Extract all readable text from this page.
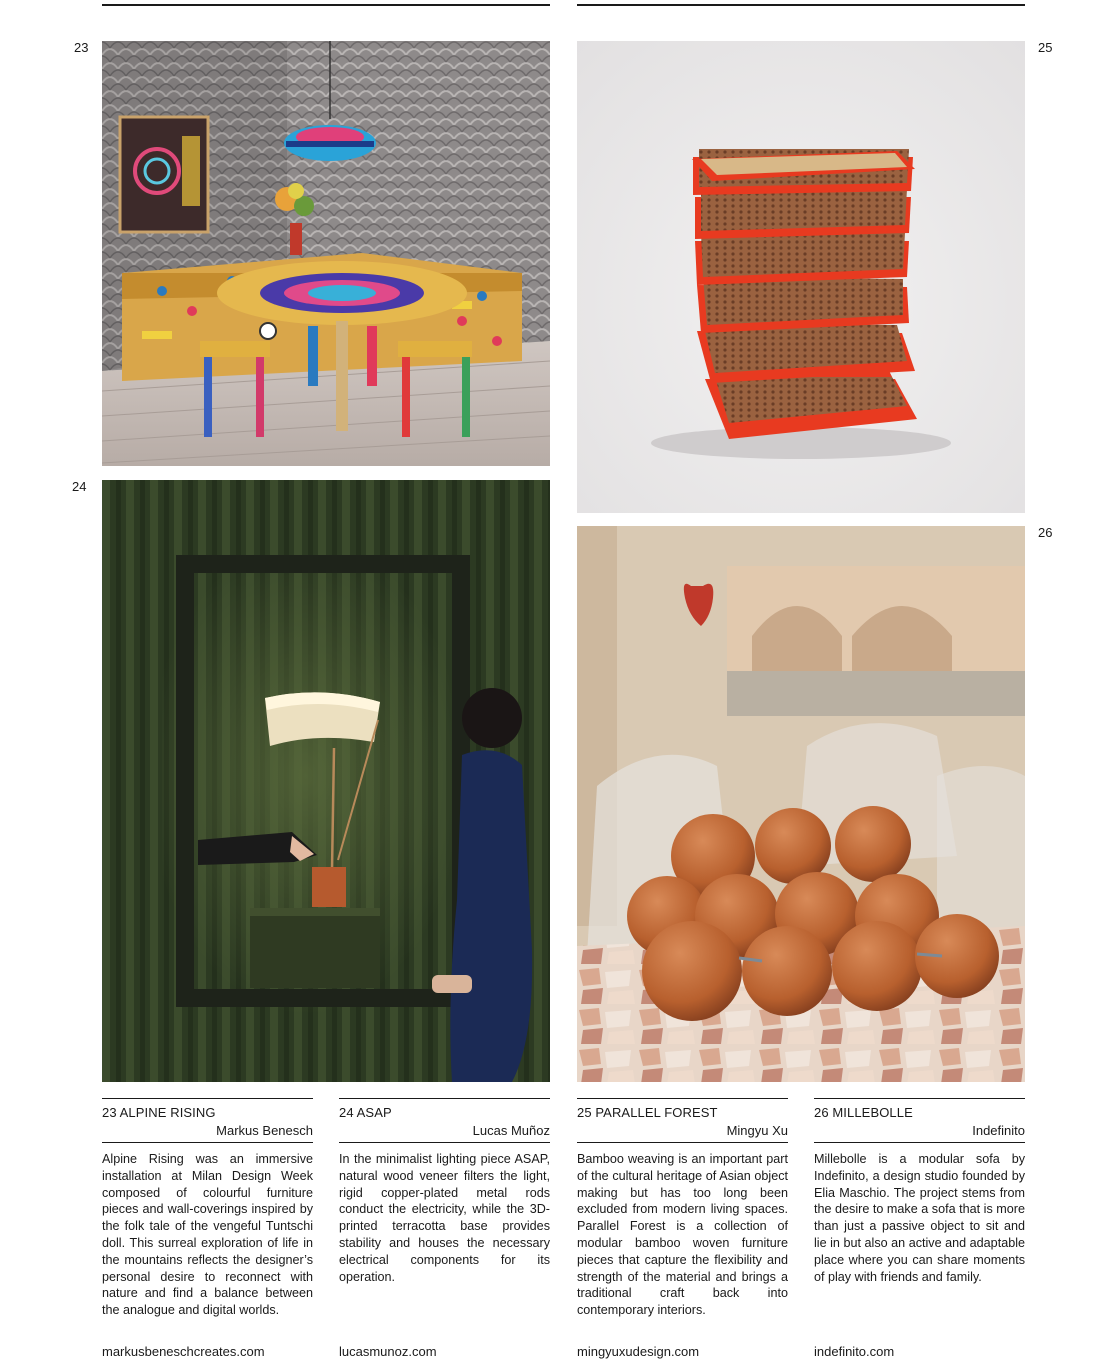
23
24
25
26
23 ALPINE RISING
Markus Benesch
Alpine Rising was an immersive installation at Milan Design Week composed of colourful furniture pieces and wall-coverings inspired by the folk tale of the vengeful Tuntschi doll. This surreal exploration of life in the mountains reflects the designer’s personal desire to reconnect with nature and find a balance between the analogue and digital worlds.
markusbeneschcreates.com
24 ASAP
Lucas Muñoz
In the minimalist lighting piece ASAP, natural wood veneer filters the light, rigid copper-plated metal rods conduct the electricity, while the 3D-printed terracotta base provides stability and houses the necessary electrical components for its operation.
lucasmunoz.com
25 PARALLEL FOREST
Mingyu Xu
Bamboo weaving is an important part of the cultural heritage of Asian object making but has too long been excluded from modern living spaces. Parallel Forest is a collection of modular bamboo woven furniture pieces that capture the flexibility and strength of the material and brings a traditional craft back into contemporary interiors.
mingyuxudesign.com
26 MILLEBOLLE
Indefinito
Millebolle is a modular sofa by Indefinito, a design studio founded by Elia Maschio. The project stems from the desire to make a sofa that is more than just a passive object to sit and lie in but also an active and adaptable place where you can share moments of play with friends and family.
indefinito.com
